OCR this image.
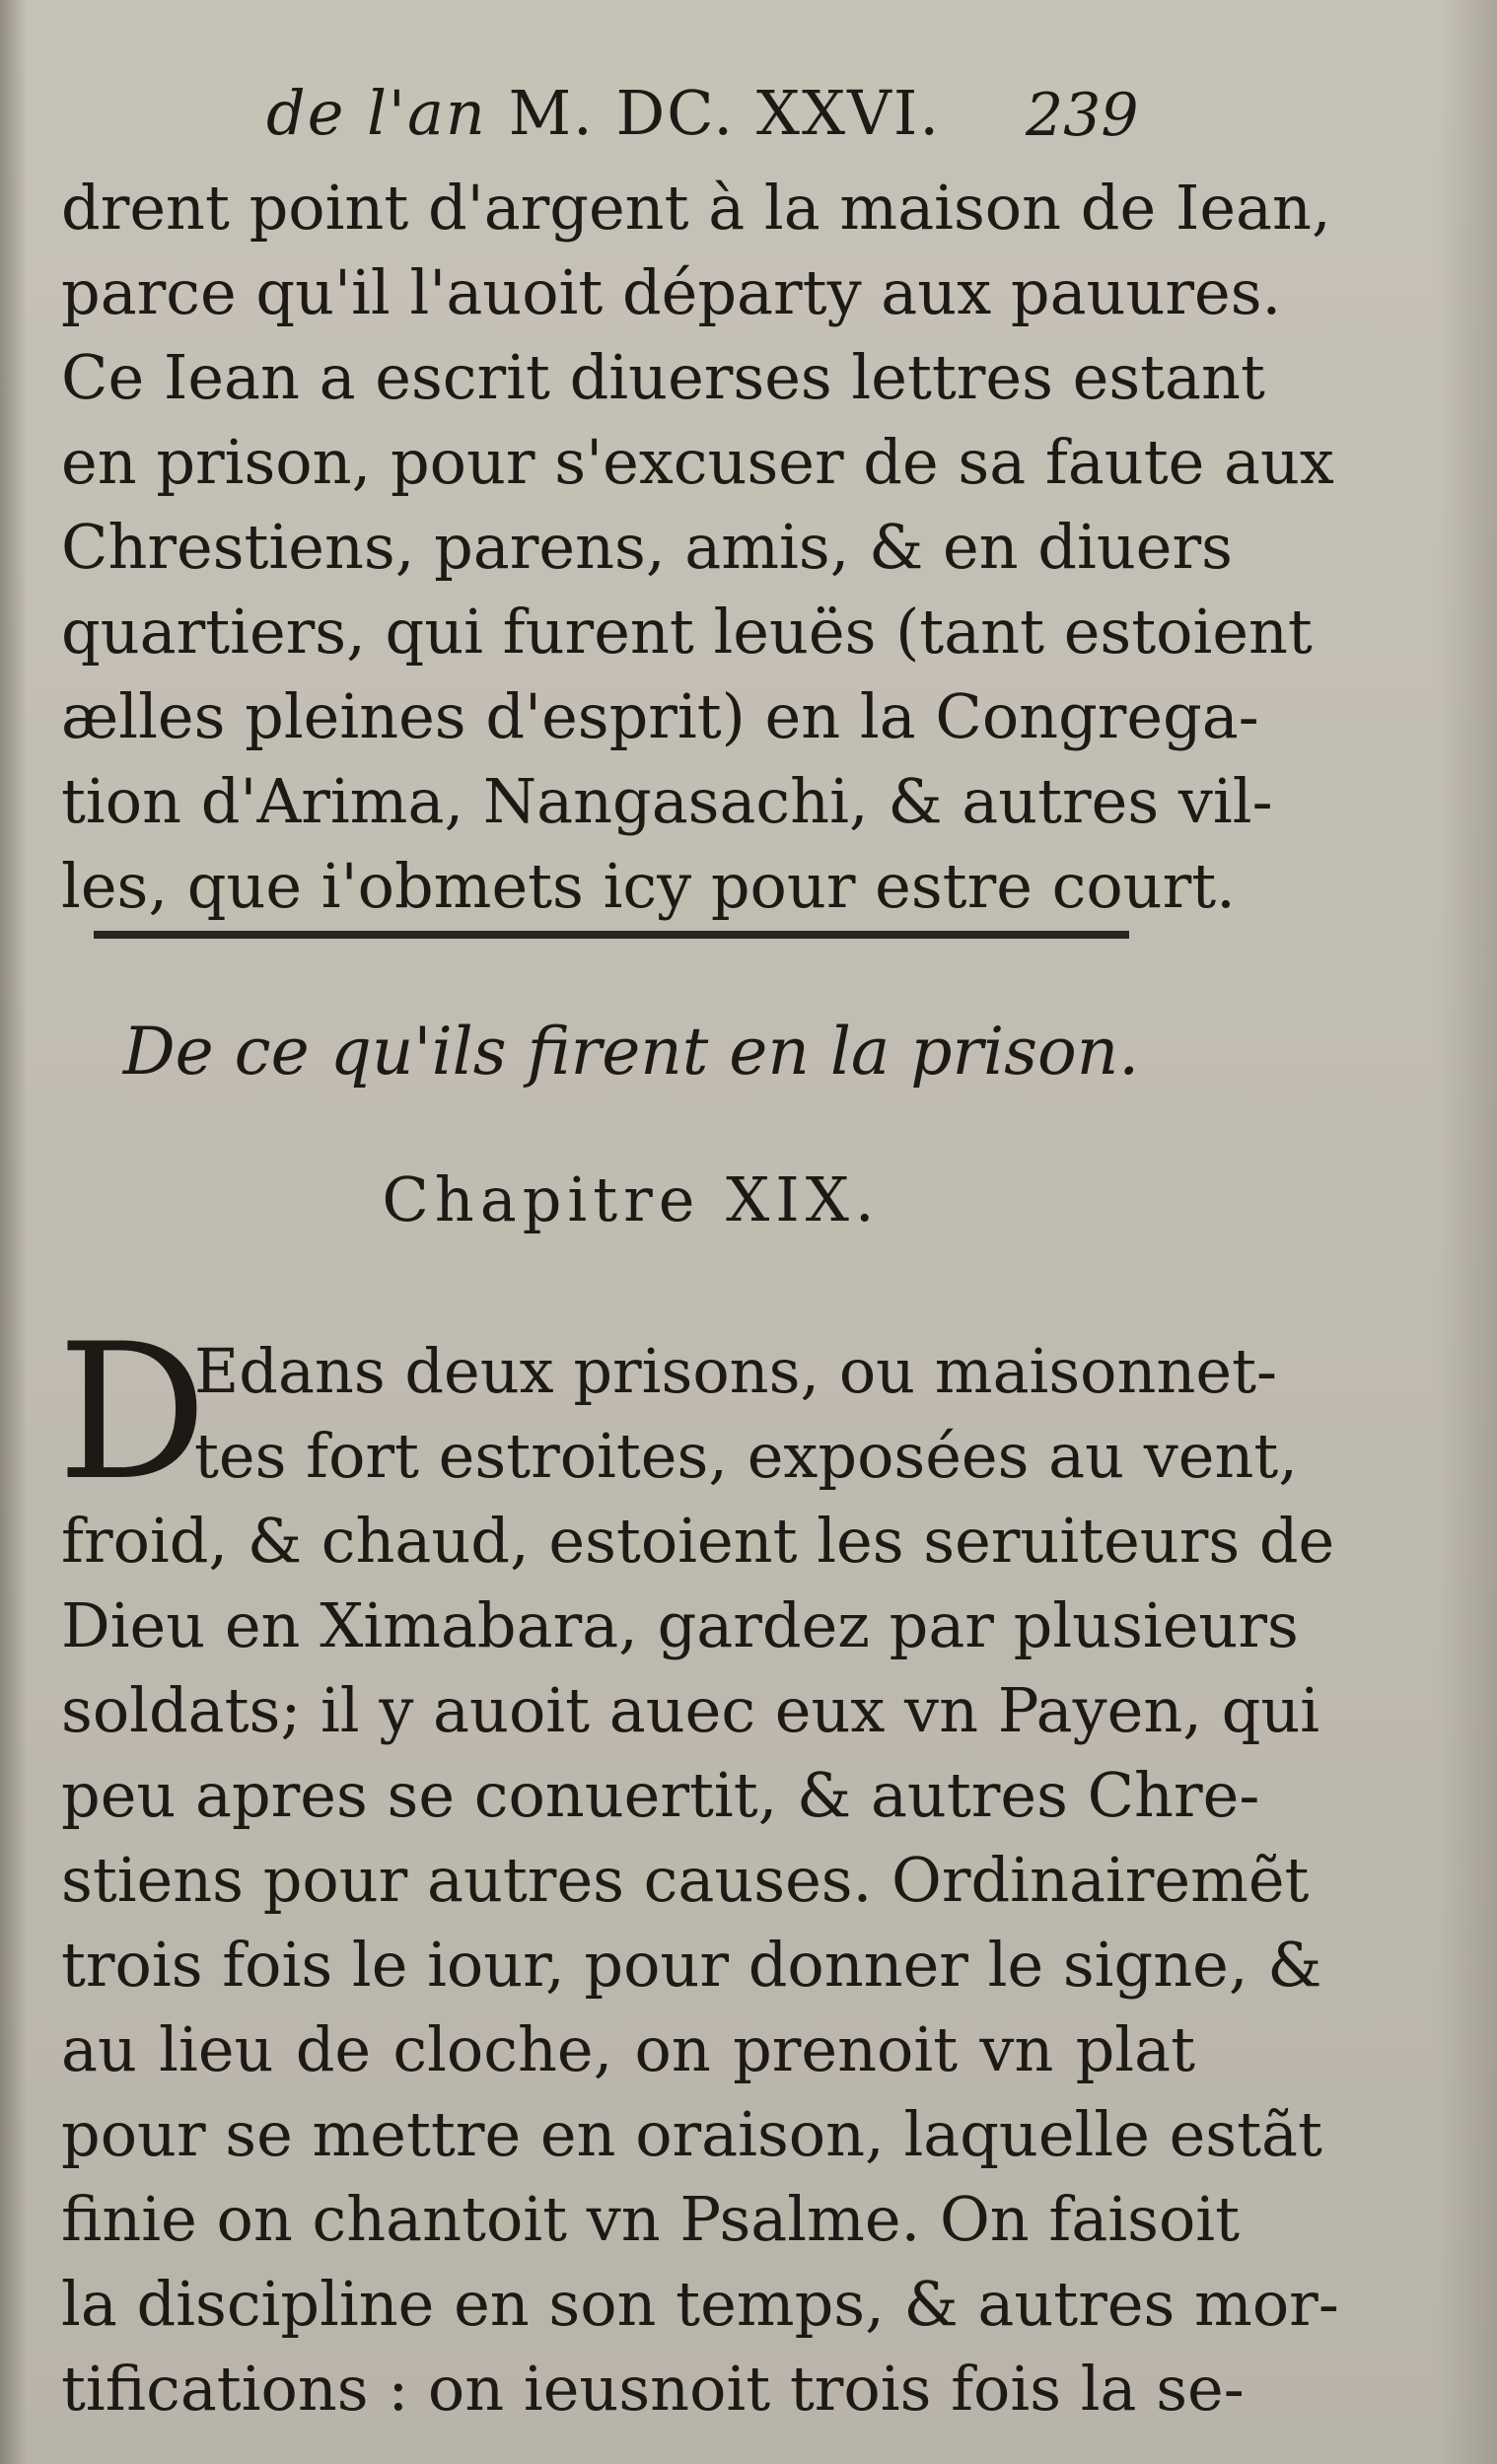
de l'an M. DC. XXVI. 239
drent point d'argent à la maison de Iean,
parce qu'il l'auoit départy aux pauures.
Ce Iean a escrit diuerses lettres estant
en prison, pour s'excuser de sa faute aux
Chrestiens, parens, amis, & en diuers
quartiers, qui furent leuës (tant estoient
ælles pleines d'esprit) en la Congrega-
tion d'Arima, Nangasachi, & autres vil-
les, que i'obmets icy pour estre court.
De ce qu'ils firent en la prison.
Chapitre XIX.
D
Edans deux prisons, ou maisonnet-
tes fort estroites, exposées au vent,
froid, & chaud, estoient les seruiteurs de
Dieu en Ximabara, gardez par plusieurs
soldats; il y auoit auec eux vn Payen, qui
peu apres se conuertit, & autres Chre-
stiens pour autres causes. Ordinairemẽt
trois fois le iour, pour donner le signe, &
au lieu de cloche, on prenoit vn plat
pour se mettre en oraison, laquelle estãt
finie on chantoit vn Psalme. On faisoit
la discipline en son temps, & autres mor-
tifications : on ieusnoit trois fois la se-
